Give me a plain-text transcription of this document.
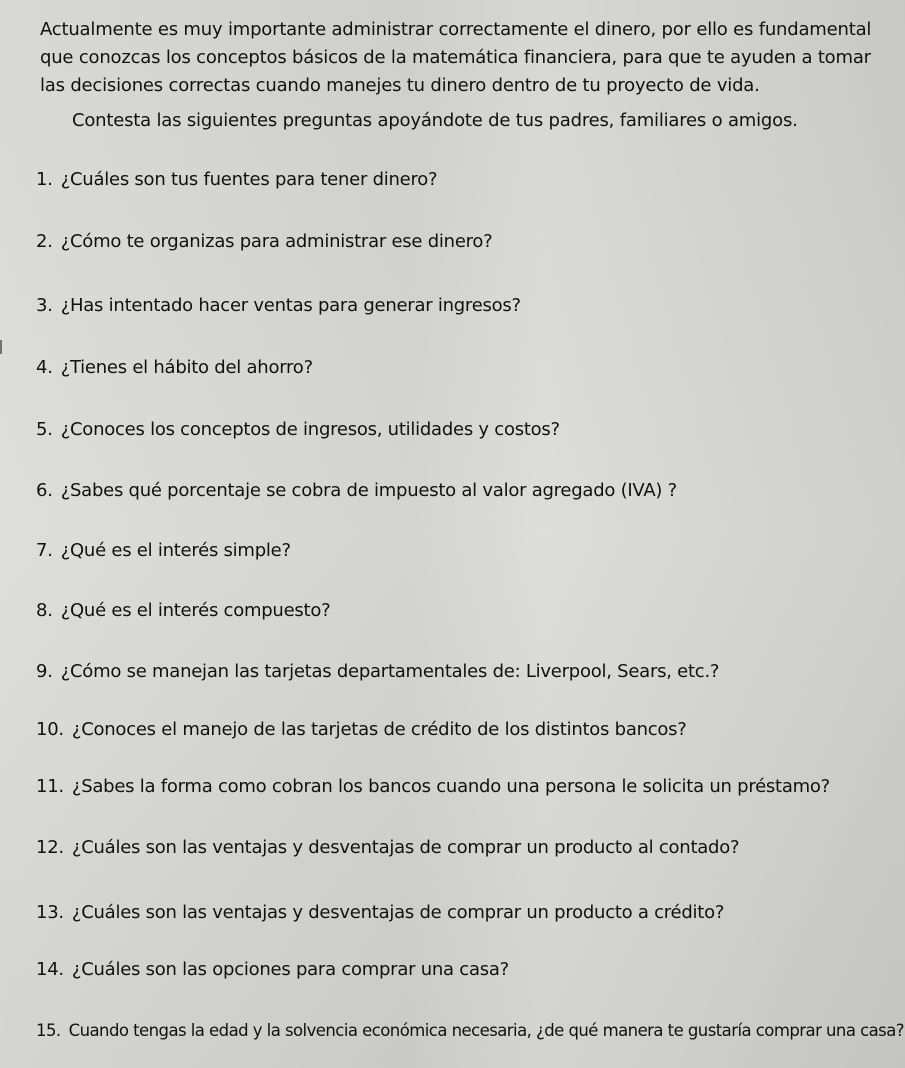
Actualmente es muy importante administrar correctamente el dinero, por ello es fundamental que conozcas los conceptos básicos de la matemática financiera, para que te ayuden a tomar las decisiones correctas cuando manejes tu dinero dentro de tu proyecto de vida.

Contesta las siguientes preguntas apoyándote de tus padres, familiares o amigos.
1. ¿Cuáles son tus fuentes para tener dinero?
2. ¿Cómo te organizas para administrar ese dinero?
3. ¿Has intentado hacer ventas para generar ingresos?
4. ¿Tienes el hábito del ahorro?
5. ¿Conoces los conceptos de ingresos, utilidades y costos?
6. ¿Sabes qué porcentaje se cobra de impuesto al valor agregado (IVA) ?
7. ¿Qué es el interés simple?
8. ¿Qué es el interés compuesto?
9. ¿Cómo se manejan las tarjetas departamentales de: Liverpool, Sears, etc.?
10. ¿Conoces el manejo de las tarjetas de crédito de los distintos bancos?
11. ¿Sabes la forma como cobran los bancos cuando una persona le solicita un préstamo?
12. ¿Cuáles son las ventajas y desventajas de comprar un producto al contado?
13. ¿Cuáles son las ventajas y desventajas de comprar un producto a crédito?
14. ¿Cuáles son las opciones para comprar una casa?
15. Cuando tengas la edad y la solvencia económica necesaria, ¿de qué manera te gustaría comprar una casa?
